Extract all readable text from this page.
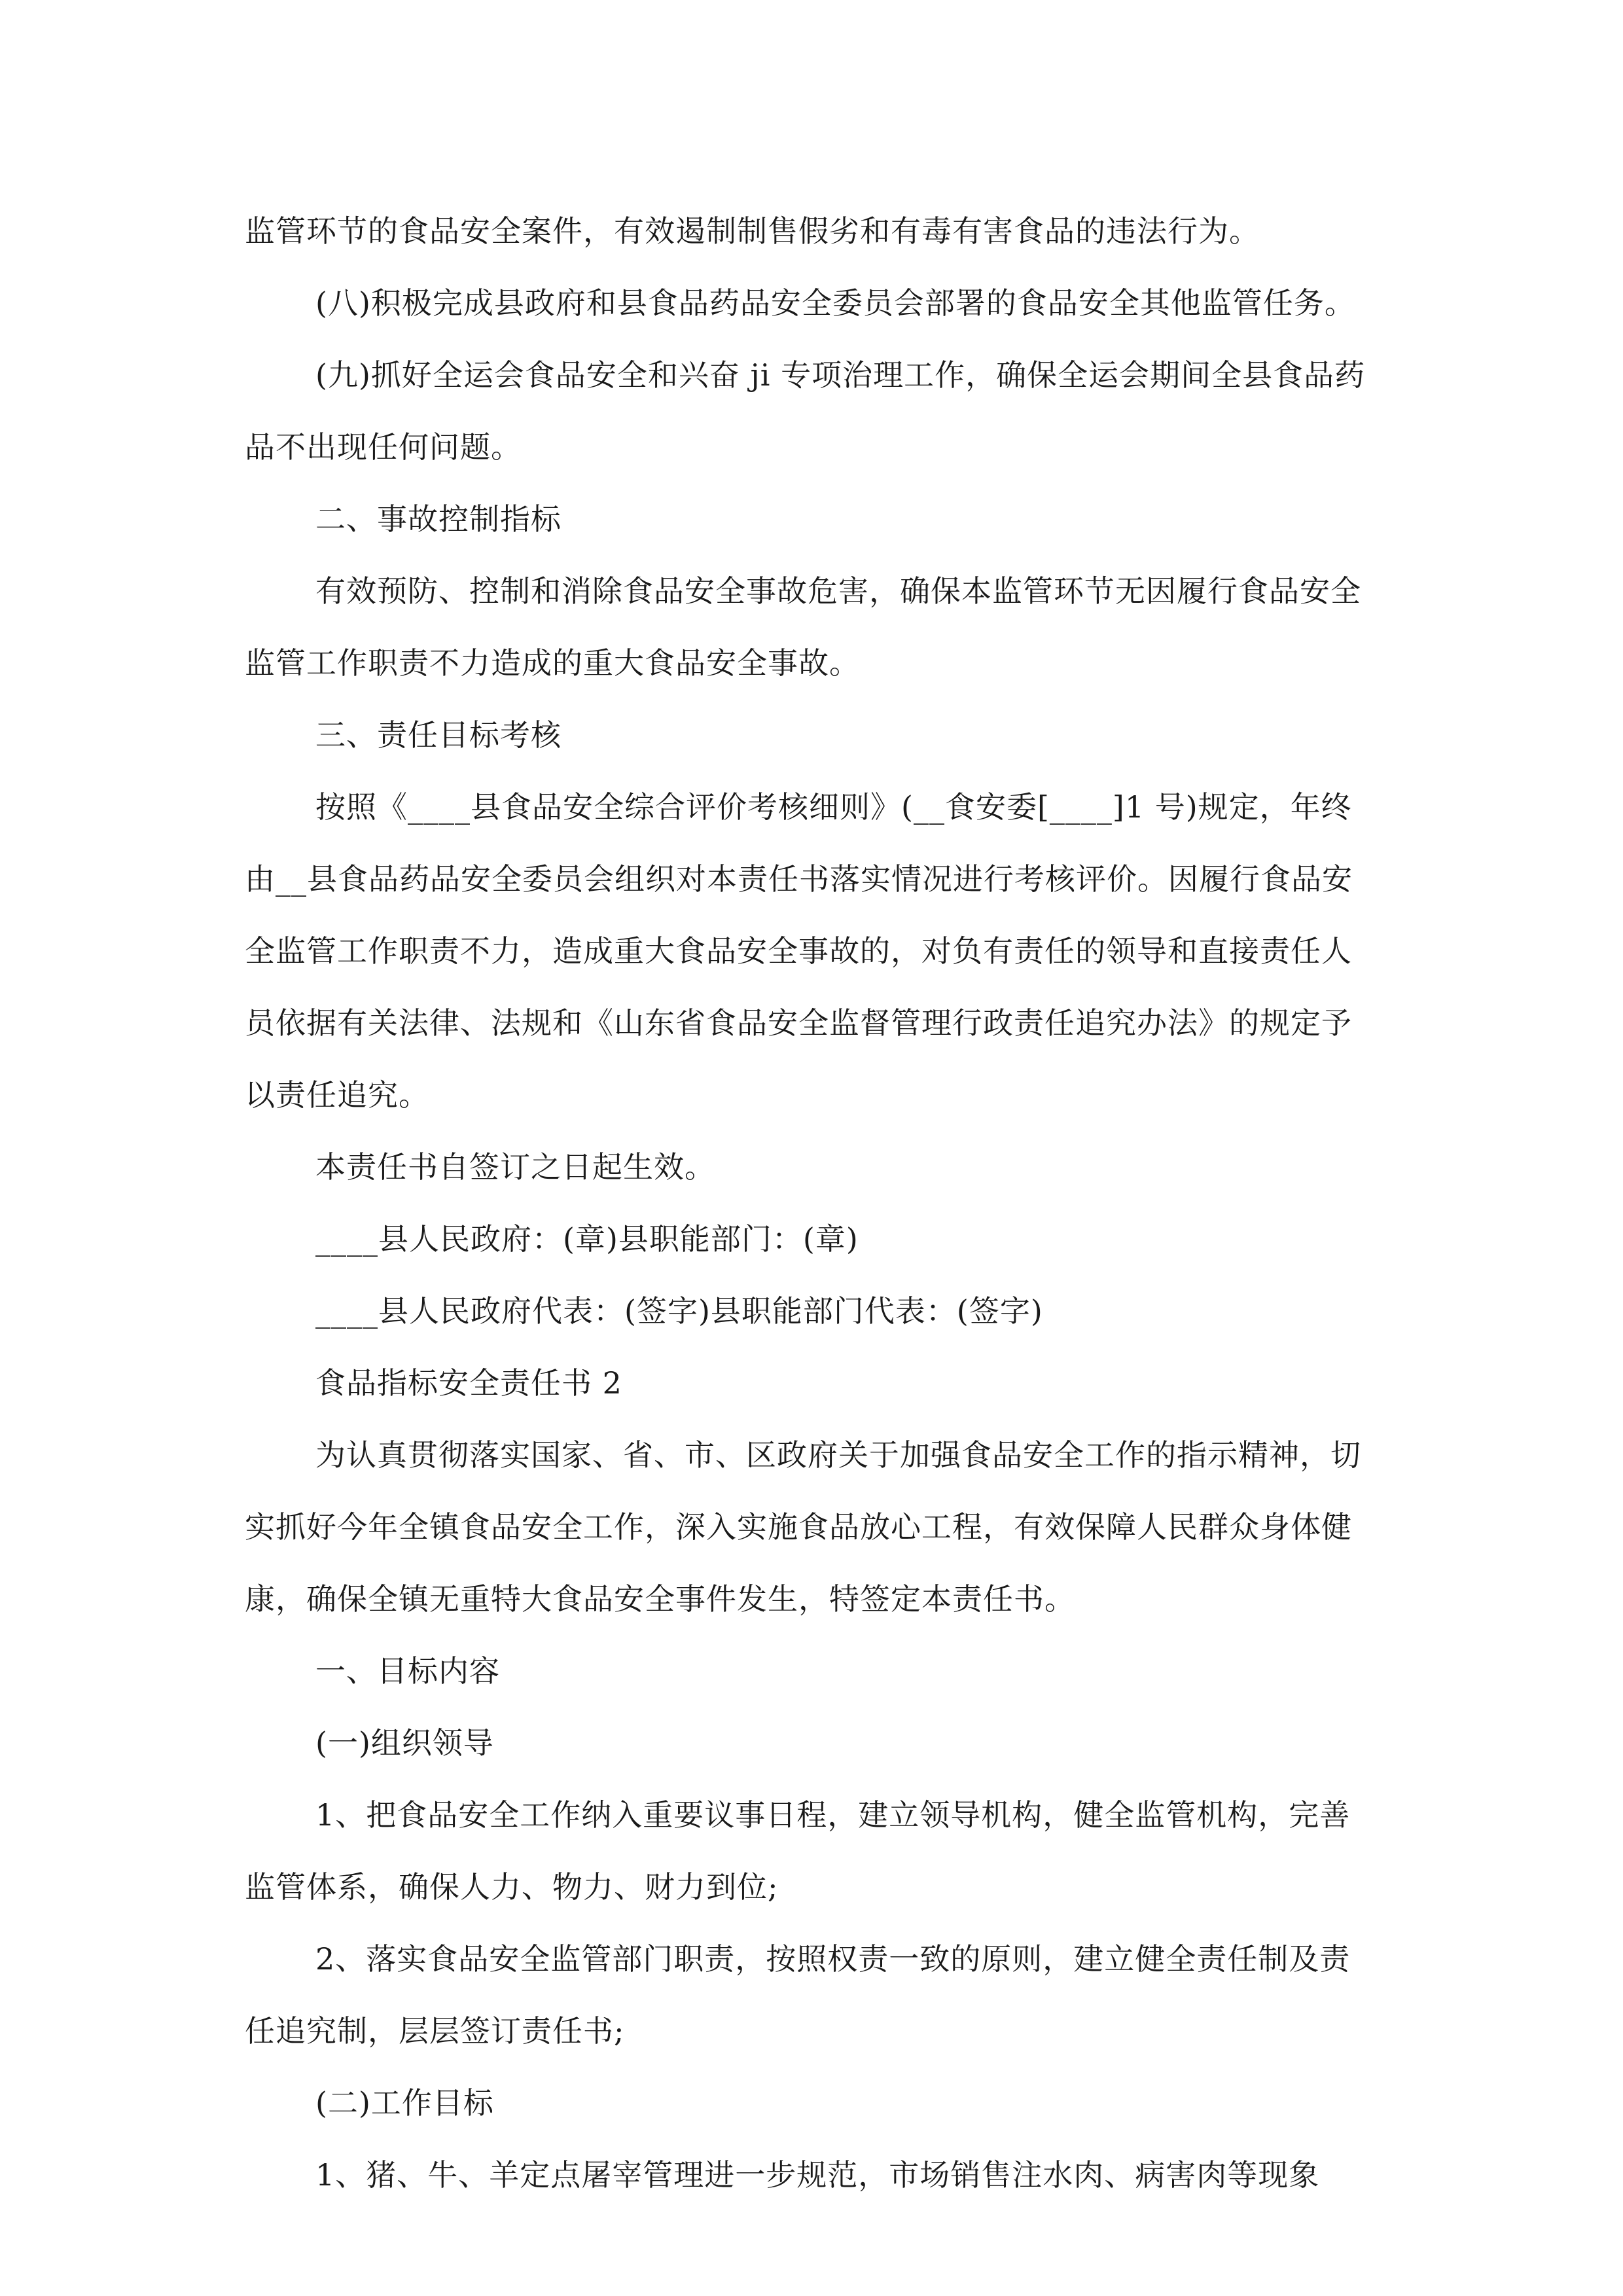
监管环节的食品安全案件，有效遏制制售假劣和有毒有害食品的违法行为。

(八)积极完成县政府和县食品药品安全委员会部署的食品安全其他监管任务。

(九)抓好全运会食品安全和兴奋 ji 专项治理工作，确保全运会期间全县食品药品不出现任何问题。

二、事故控制指标

有效预防、控制和消除食品安全事故危害，确保本监管环节无因履行食品安全监管工作职责不力造成的重大食品安全事故。

三、责任目标考核

按照《____县食品安全综合评价考核细则》(__食安委[____]1 号)规定，年终由__县食品药品安全委员会组织对本责任书落实情况进行考核评价。因履行食品安全监管工作职责不力，造成重大食品安全事故的，对负有责任的领导和直接责任人员依据有关法律、法规和《山东省食品安全监督管理行政责任追究办法》的规定予以责任追究。

本责任书自签订之日起生效。

____县人民政府：(章)县职能部门：(章)

____县人民政府代表：(签字)县职能部门代表：(签字)

食品指标安全责任书 2

为认真贯彻落实国家、省、市、区政府关于加强食品安全工作的指示精神，切实抓好今年全镇食品安全工作，深入实施食品放心工程，有效保障人民群众身体健康，确保全镇无重特大食品安全事件发生，特签定本责任书。

一、目标内容

(一)组织领导

1、把食品安全工作纳入重要议事日程，建立领导机构，健全监管机构，完善监管体系，确保人力、物力、财力到位;

2、落实食品安全监管部门职责，按照权责一致的原则，建立健全责任制及责任追究制，层层签订责任书;

(二)工作目标

1、猪、牛、羊定点屠宰管理进一步规范，市场销售注水肉、病害肉等现象
